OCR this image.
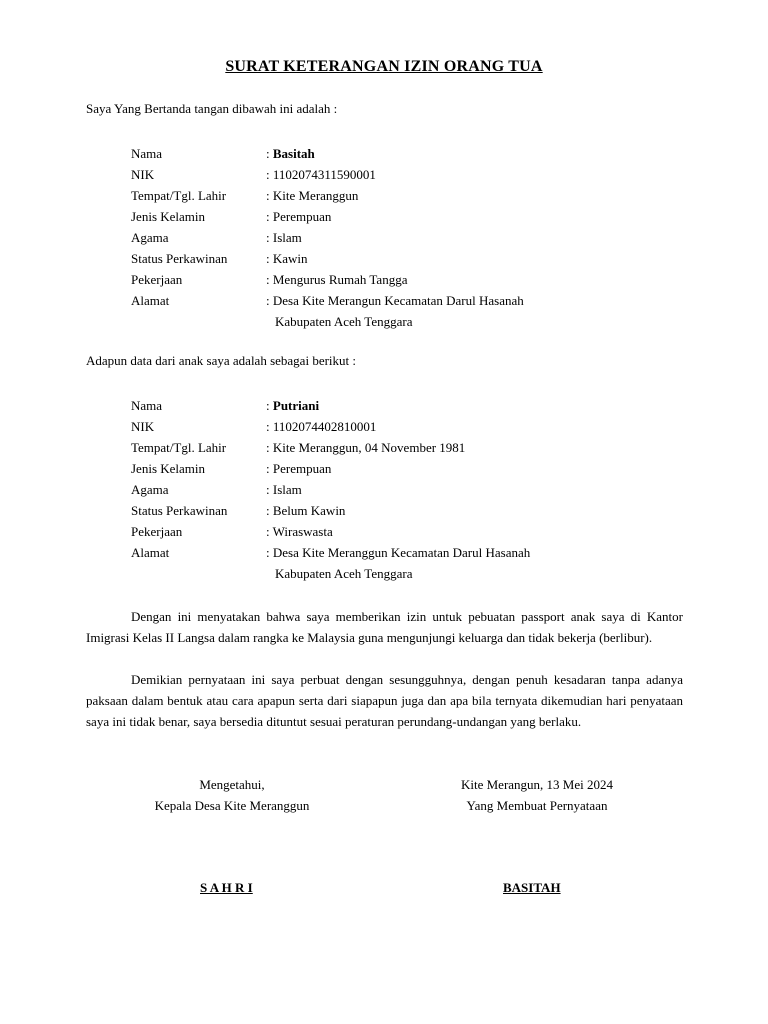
SURAT KETERANGAN IZIN ORANG TUA
Saya Yang Bertanda tangan dibawah ini adalah :
Nama	: Basitah
NIK	: 1102074311590001
Tempat/Tgl. Lahir	: Kite Meranggun
Jenis Kelamin	: Perempuan
Agama	: Islam
Status Perkawinan	: Kawin
Pekerjaan	: Mengurus Rumah Tangga
Alamat	: Desa Kite Merangun Kecamatan Darul Hasanah
Kabupaten Aceh Tenggara
Adapun data dari anak saya adalah sebagai berikut :
Nama	: Putriani
NIK	: 1102074402810001
Tempat/Tgl. Lahir	: Kite Meranggun, 04 November 1981
Jenis Kelamin	: Perempuan
Agama	: Islam
Status Perkawinan	: Belum Kawin
Pekerjaan	: Wiraswasta
Alamat	: Desa Kite Meranggun Kecamatan Darul Hasanah
Kabupaten Aceh Tenggara

Dengan ini menyatakan bahwa saya memberikan izin untuk pebuatan passport anak saya di Kantor Imigrasi Kelas II Langsa dalam rangka ke Malaysia guna mengunjungi keluarga dan tidak bekerja (berlibur).

Demikian pernyataan ini saya perbuat dengan sesungguhnya, dengan penuh kesadaran tanpa adanya paksaan dalam bentuk atau cara apapun serta dari siapapun juga dan apa bila ternyata dikemudian hari penyataan saya ini tidak benar, saya bersedia dituntut sesuai peraturan perundang-undangan yang berlaku.

Mengetahui,
Kepala Desa Kite Meranggun
Kite Merangun, 13 Mei 2024
Yang Membuat Pernyataan
S A H R I	BASITAH
